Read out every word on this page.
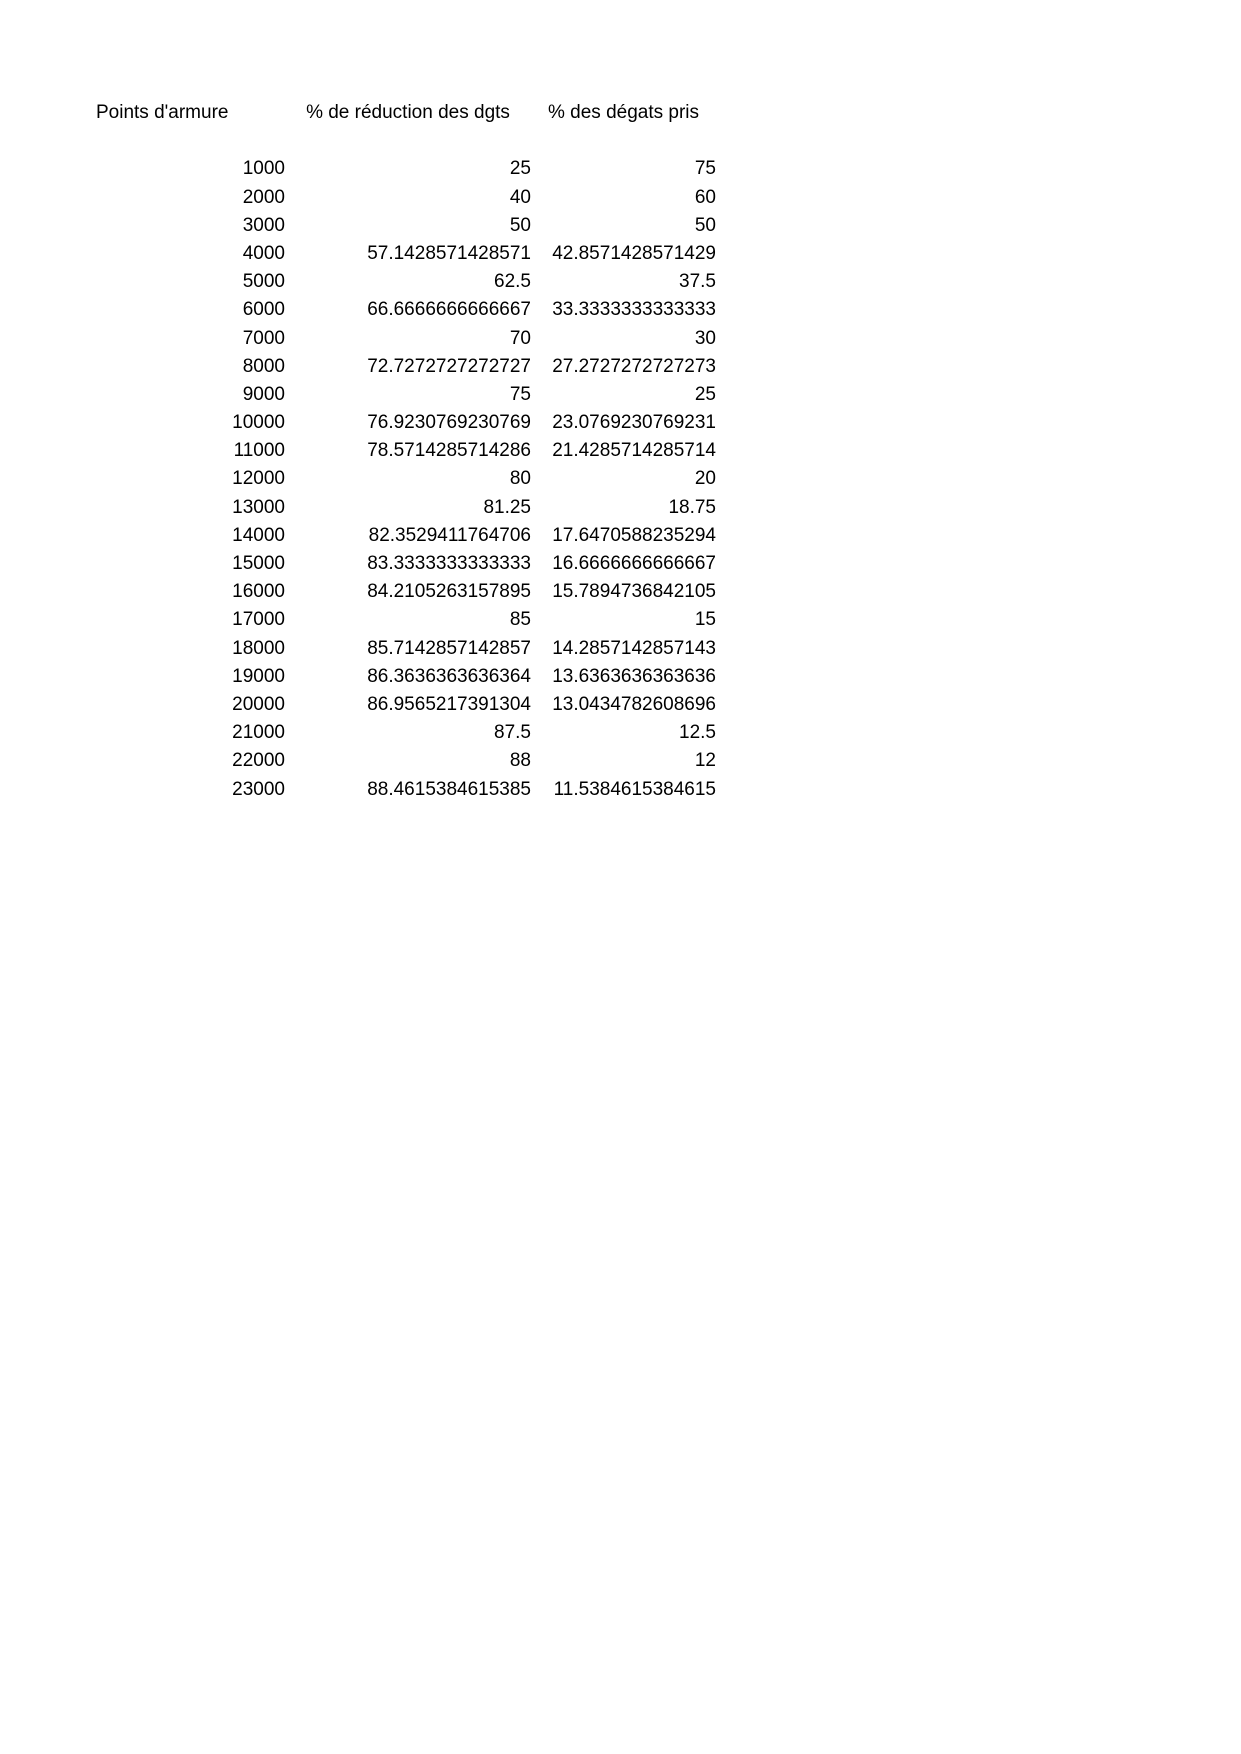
Points d'armure	% de réduction des dgts	% des dégats pris
1000	25	75
2000	40	60
3000	50	50
4000	57.1428571428571	42.8571428571429
5000	62.5	37.5
6000	66.6666666666667	33.3333333333333
7000	70	30
8000	72.7272727272727	27.2727272727273
9000	75	25
10000	76.9230769230769	23.0769230769231
11000	78.5714285714286	21.4285714285714
12000	80	20
13000	81.25	18.75
14000	82.3529411764706	17.6470588235294
15000	83.3333333333333	16.6666666666667
16000	84.2105263157895	15.7894736842105
17000	85	15
18000	85.7142857142857	14.2857142857143
19000	86.3636363636364	13.6363636363636
20000	86.9565217391304	13.0434782608696
21000	87.5	12.5
22000	88	12
23000	88.4615384615385	11.5384615384615
